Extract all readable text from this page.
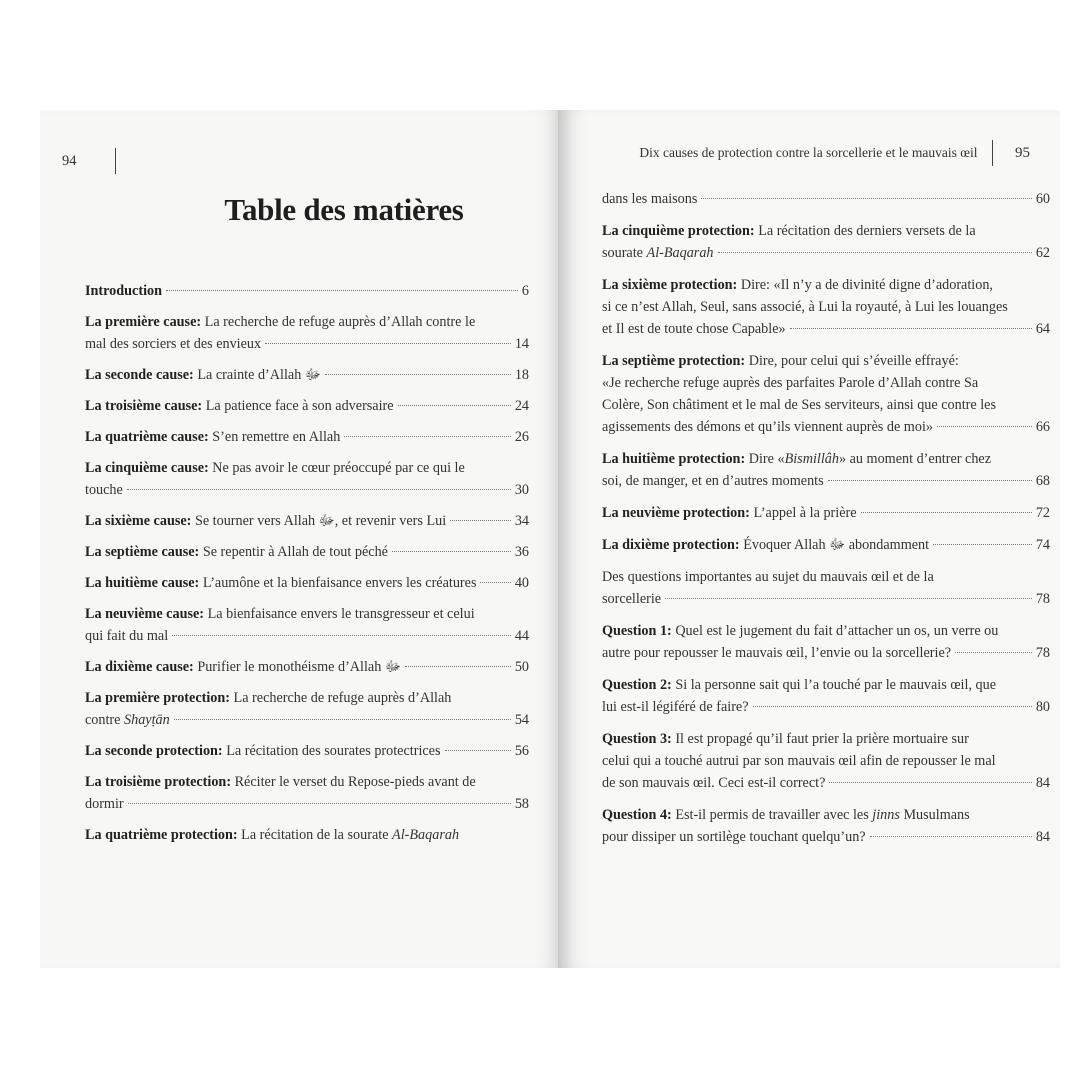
94
Table des matières
Introduction	6
La première cause: La recherche de refuge auprès d’Allah contre le
mal des sorciers et des envieux	14
La seconde cause: La crainte d’Allah ﷻ	18
La troisième cause: La patience face à son adversaire	24
La quatrième cause: S’en remettre en Allah	26
La cinquième cause: Ne pas avoir le cœur préoccupé par ce qui le
touche	30
La sixième cause: Se tourner vers Allah ﷻ, et revenir vers Lui	34
La septième cause: Se repentir à Allah de tout péché	36
La huitième cause: L’aumône et la bienfaisance envers les créatures	40
La neuvième cause: La bienfaisance envers le transgresseur et celui
qui fait du mal	44
La dixième cause: Purifier le monothéisme d’Allah ﷻ	50
La première protection: La recherche de refuge auprès d’Allah
contre Shayṭān	54
La seconde protection: La récitation des sourates protectrices	56
La troisième protection: Réciter le verset du Repose-pieds avant de
dormir	58
La quatrième protection: La récitation de la sourate Al-Baqarah
Dix causes de protection contre la sorcellerie et le mauvais œil	95
dans les maisons	60
La cinquième protection: La récitation des derniers versets de la
sourate Al-Baqarah	62
La sixième protection: Dire: «Il n’y a de divinité digne d’adoration,
si ce n’est Allah, Seul, sans associé, à Lui la royauté, à Lui les louanges
et Il est de toute chose Capable»	64
La septième protection: Dire, pour celui qui s’éveille effrayé:
«Je recherche refuge auprès des parfaites Parole d’Allah contre Sa
Colère, Son châtiment et le mal de Ses serviteurs, ainsi que contre les
agissements des démons et qu’ils viennent auprès de moi»	66
La huitième protection: Dire «Bismillâh» au moment d’entrer chez
soi, de manger, et en d’autres moments	68
La neuvième protection: L’appel à la prière	72
La dixième protection: Évoquer Allah ﷻ abondamment	74
Des questions importantes au sujet du mauvais œil et de la
sorcellerie	78
Question 1: Quel est le jugement du fait d’attacher un os, un verre ou
autre pour repousser le mauvais œil, l’envie ou la sorcellerie?	78
Question 2: Si la personne sait qui l’a touché par le mauvais œil, que
lui est-il légiféré de faire?	80
Question 3: Il est propagé qu’il faut prier la prière mortuaire sur
celui qui a touché autrui par son mauvais œil afin de repousser le mal
de son mauvais œil. Ceci est-il correct?	84
Question 4: Est-il permis de travailler avec les jinns Musulmans
pour dissiper un sortilège touchant quelqu’un?	84
